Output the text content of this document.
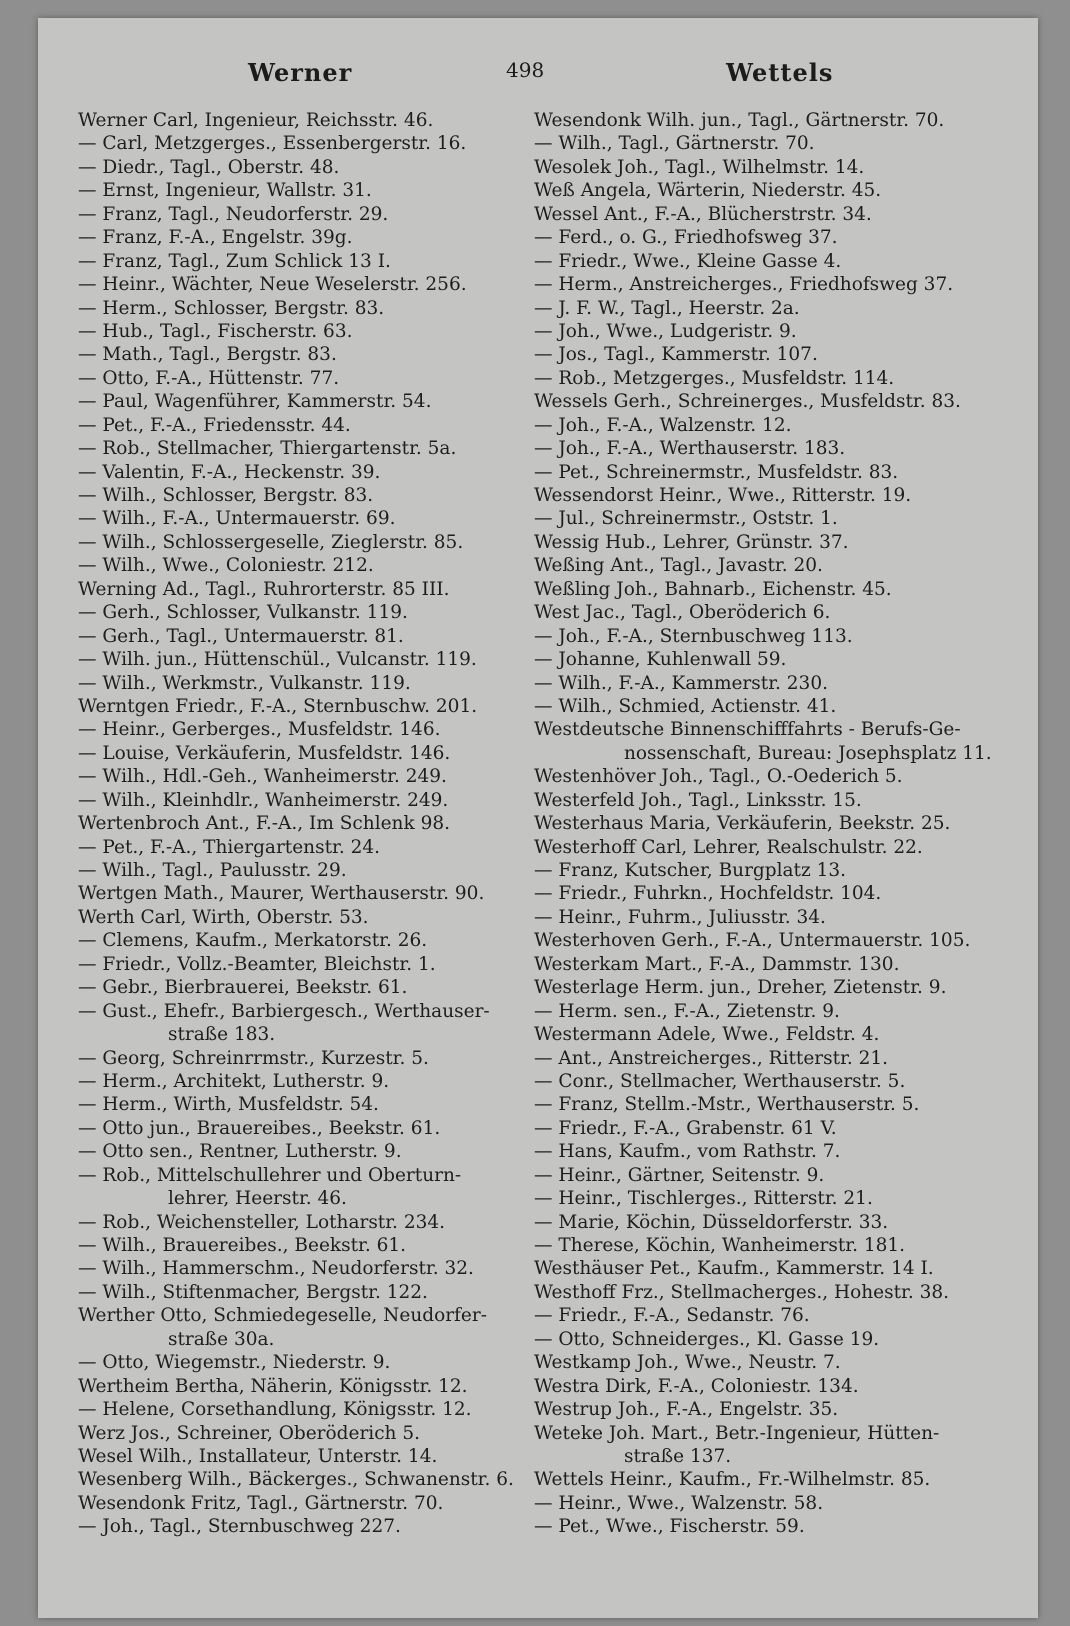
Werner	498	Wettels
Werner Carl, Ingenieur, Reichsstr. 46.
— Carl, Metzgerges., Essenbergerstr. 16.
— Diedr., Tagl., Oberstr. 48.
— Ernst, Ingenieur, Wallstr. 31.
— Franz, Tagl., Neudorferstr. 29.
— Franz, F.-A., Engelstr. 39g.
— Franz, Tagl., Zum Schlick 13 I.
— Heinr., Wächter, Neue Weselerstr. 256.
— Herm., Schlosser, Bergstr. 83.
— Hub., Tagl., Fischerstr. 63.
— Math., Tagl., Bergstr. 83.
— Otto, F.-A., Hüttenstr. 77.
— Paul, Wagenführer, Kammerstr. 54.
— Pet., F.-A., Friedensstr. 44.
— Rob., Stellmacher, Thiergartenstr. 5a.
— Valentin, F.-A., Heckenstr. 39.
— Wilh., Schlosser, Bergstr. 83.
— Wilh., F.-A., Untermauerstr. 69.
— Wilh., Schlossergeselle, Zieglerstr. 85.
— Wilh., Wwe., Coloniestr. 212.
Werning Ad., Tagl., Ruhrorterstr. 85 III.
— Gerh., Schlosser, Vulkanstr. 119.
— Gerh., Tagl., Untermauerstr. 81.
— Wilh. jun., Hüttenschül., Vulcanstr. 119.
— Wilh., Werkmstr., Vulkanstr. 119.
Werntgen Friedr., F.-A., Sternbuschw. 201.
— Heinr., Gerberges., Musfeldstr. 146.
— Louise, Verkäuferin, Musfeldstr. 146.
— Wilh., Hdl.-Geh., Wanheimerstr. 249.
— Wilh., Kleinhdlr., Wanheimerstr. 249.
Wertenbroch Ant., F.-A., Im Schlenk 98.
— Pet., F.-A., Thiergartenstr. 24.
— Wilh., Tagl., Paulusstr. 29.
Wertgen Math., Maurer, Werthauserstr. 90.
Werth Carl, Wirth, Oberstr. 53.
— Clemens, Kaufm., Merkatorstr. 26.
— Friedr., Vollz.-Beamter, Bleichstr. 1.
— Gebr., Bierbrauerei, Beekstr. 61.
— Gust., Ehefr., Barbiergesch., Werthauser-
straße 183.
— Georg, Schreinrrmstr., Kurzestr. 5.
— Herm., Architekt, Lutherstr. 9.
— Herm., Wirth, Musfeldstr. 54.
— Otto jun., Brauereibes., Beekstr. 61.
— Otto sen., Rentner, Lutherstr. 9.
— Rob., Mittelschullehrer und Oberturn-
lehrer, Heerstr. 46.
— Rob., Weichensteller, Lotharstr. 234.
— Wilh., Brauereibes., Beekstr. 61.
— Wilh., Hammerschm., Neudorferstr. 32.
— Wilh., Stiftenmacher, Bergstr. 122.
Werther Otto, Schmiedegeselle, Neudorfer-
straße 30a.
— Otto, Wiegemstr., Niederstr. 9.
Wertheim Bertha, Näherin, Königsstr. 12.
— Helene, Corsethandlung, Königsstr. 12.
Werz Jos., Schreiner, Oberöderich 5.
Wesel Wilh., Installateur, Unterstr. 14.
Wesenberg Wilh., Bäckerges., Schwanenstr. 6.
Wesendonk Fritz, Tagl., Gärtnerstr. 70.
— Joh., Tagl., Sternbuschweg 227.
Wesendonk Wilh. jun., Tagl., Gärtnerstr. 70.
— Wilh., Tagl., Gärtnerstr. 70.
Wesolek Joh., Tagl., Wilhelmstr. 14.
Weß Angela, Wärterin, Niederstr. 45.
Wessel Ant., F.-A., Blücherstrstr. 34.
— Ferd., o. G., Friedhofsweg 37.
— Friedr., Wwe., Kleine Gasse 4.
— Herm., Anstreicherges., Friedhofsweg 37.
— J. F. W., Tagl., Heerstr. 2a.
— Joh., Wwe., Ludgeristr. 9.
— Jos., Tagl., Kammerstr. 107.
— Rob., Metzgerges., Musfeldstr. 114.
Wessels Gerh., Schreinerges., Musfeldstr. 83.
— Joh., F.-A., Walzenstr. 12.
— Joh., F.-A., Werthauserstr. 183.
— Pet., Schreinermstr., Musfeldstr. 83.
Wessendorst Heinr., Wwe., Ritterstr. 19.
— Jul., Schreinermstr., Oststr. 1.
Wessig Hub., Lehrer, Grünstr. 37.
Weßing Ant., Tagl., Javastr. 20.
Weßling Joh., Bahnarb., Eichenstr. 45.
West Jac., Tagl., Oberöderich 6.
— Joh., F.-A., Sternbuschweg 113.
— Johanne, Kuhlenwall 59.
— Wilh., F.-A., Kammerstr. 230.
— Wilh., Schmied, Actienstr. 41.
Westdeutsche Binnenschifffahrts - Berufs-Ge-
nossenschaft, Bureau: Josephsplatz 11.
Westenhöver Joh., Tagl., O.-Oederich 5.
Westerfeld Joh., Tagl., Linksstr. 15.
Westerhaus Maria, Verkäuferin, Beekstr. 25.
Westerhoff Carl, Lehrer, Realschulstr. 22.
— Franz, Kutscher, Burgplatz 13.
— Friedr., Fuhrkn., Hochfeldstr. 104.
— Heinr., Fuhrm., Juliusstr. 34.
Westerhoven Gerh., F.-A., Untermauerstr. 105.
Westerkam Mart., F.-A., Dammstr. 130.
Westerlage Herm. jun., Dreher, Zietenstr. 9.
— Herm. sen., F.-A., Zietenstr. 9.
Westermann Adele, Wwe., Feldstr. 4.
— Ant., Anstreicherges., Ritterstr. 21.
— Conr., Stellmacher, Werthauserstr. 5.
— Franz, Stellm.-Mstr., Werthauserstr. 5.
— Friedr., F.-A., Grabenstr. 61 V.
— Hans, Kaufm., vom Rathstr. 7.
— Heinr., Gärtner, Seitenstr. 9.
— Heinr., Tischlerges., Ritterstr. 21.
— Marie, Köchin, Düsseldorferstr. 33.
— Therese, Köchin, Wanheimerstr. 181.
Westhäuser Pet., Kaufm., Kammerstr. 14 I.
Westhoff Frz., Stellmacherges., Hohestr. 38.
— Friedr., F.-A., Sedanstr. 76.
— Otto, Schneiderges., Kl. Gasse 19.
Westkamp Joh., Wwe., Neustr. 7.
Westra Dirk, F.-A., Coloniestr. 134.
Westrup Joh., F.-A., Engelstr. 35.
Weteke Joh. Mart., Betr.-Ingenieur, Hütten-
straße 137.
Wettels Heinr., Kaufm., Fr.-Wilhelmstr. 85.
— Heinr., Wwe., Walzenstr. 58.
— Pet., Wwe., Fischerstr. 59.
